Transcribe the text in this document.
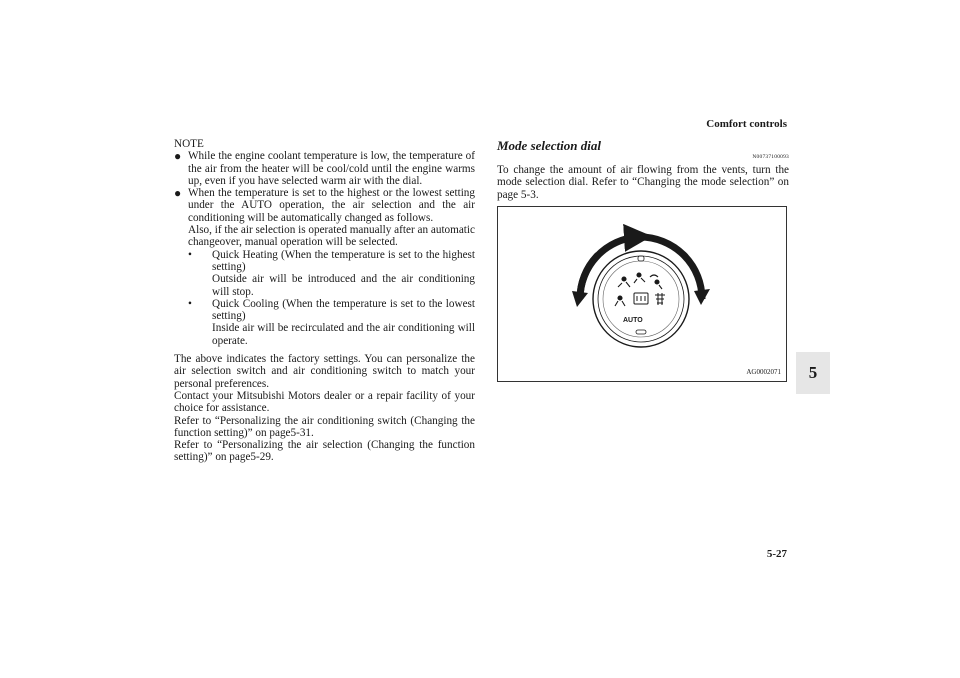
Comfort controls
5-27
5

NOTE

● While the engine coolant temperature is low, the temperature of the air from the heater will be cool/cold until the engine warms up, even if you have selected warm air with the dial.

● When the temperature is set to the highest or the lowest setting under the AUTO operation, the air selection and the air conditioning will be automatically changed as follows.

Also, if the air selection is operated manually after an automatic changeover, manual operation will be selected.

•	Quick Heating (When the temperature is set to the highest setting)

Outside air will be introduced and the air conditioning will stop.

•	Quick Cooling (When the temperature is set to the lowest setting)

Inside air will be recirculated and the air conditioning will operate.

The above indicates the factory settings. You can personalize the air selection switch and air conditioning switch to match your personal preferences.

Contact your Mitsubishi Motors dealer or a repair facility of your choice for assistance.

Refer to “Personalizing the air conditioning switch (Changing the function setting)” on page5-31.

Refer to “Personalizing the air selection (Changing the function setting)” on page5-29.

Mode selection dial
N00737100093

To change the amount of air flowing from the vents, turn the mode selection dial. Refer to “Changing the mode selection” on page 5-3.

AUTO
AG0002071
